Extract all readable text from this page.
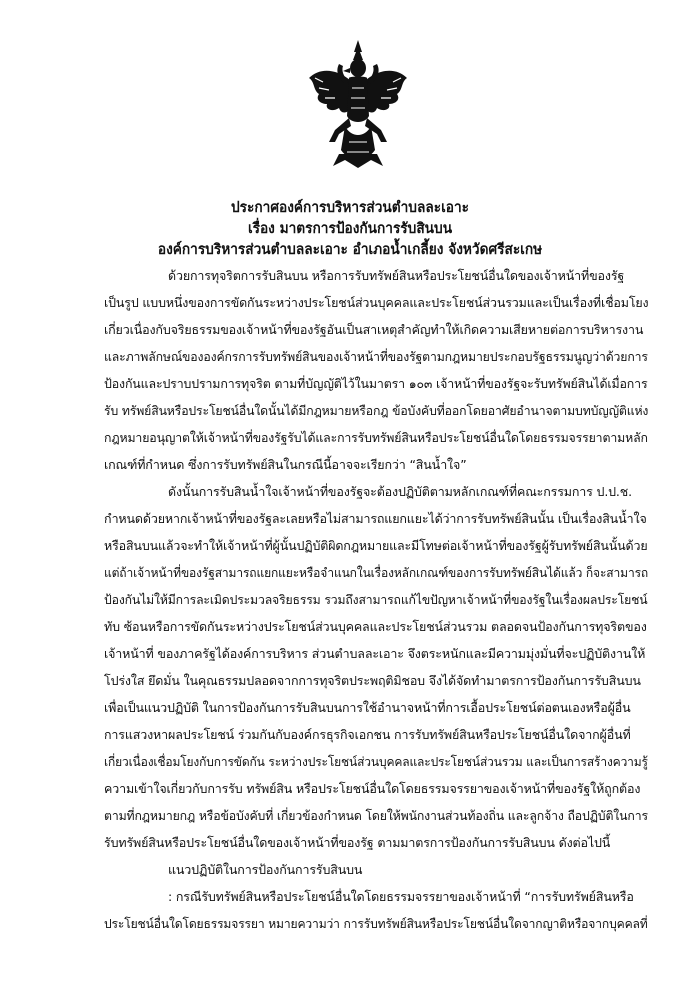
ประกาศองค์การบริหารส่วนตำบลละเอาะ
เรื่อง มาตรการป้องกันการรับสินบน
องค์การบริหารส่วนตำบลละเอาะ อำเภอน้ำเกลี้ยง จังหวัดศรีสะเกษ
ด้วยการทุจริตการรับสินบน หรือการรับทรัพย์สินหรือประโยชน์อื่นใดของเจ้าหน้าที่ของรัฐ
เป็นรูป แบบหนึ่งของการขัดกันระหว่างประโยชน์ส่วนบุคคลและประโยชน์ส่วนรวมและเป็นเรื่องที่เชื่อมโยง
เกี่ยวเนื่องกับจริยธรรมของเจ้าหน้าที่ของรัฐอันเป็นสาเหตุสำคัญทำให้เกิดความเสียหายต่อการบริหารงาน
และภาพลักษณ์ขององค์กรการรับทรัพย์สินของเจ้าหน้าที่ของรัฐตามกฎหมายประกอบรัฐธรรมนูญว่าด้วยการ
ป้องกันและปราบปรามการทุจริต ตามที่บัญญัติไว้ในมาตรา ๑๐๓ เจ้าหน้าที่ของรัฐจะรับทรัพย์สินได้เมื่อการ
รับ ทรัพย์สินหรือประโยชน์อื่นใดนั้นได้มีกฎหมายหรือกฎ ข้อบังคับที่ออกโดยอาศัยอำนาจตามบทบัญญัติแห่ง
กฎหมายอนุญาตให้เจ้าหน้าที่ของรัฐรับได้และการรับทรัพย์สินหรือประโยชน์อื่นใดโดยธรรมจรรยาตามหลัก
เกณฑ์ที่กำหนด ซึ่งการรับทรัพย์สินในกรณีนี้อาจจะเรียกว่า “สินน้ำใจ”
ดังนั้นการรับสินน้ำใจเจ้าหน้าที่ของรัฐจะต้องปฏิบัติตามหลักเกณฑ์ที่คณะกรรมการ ป.ป.ช.
กำหนดด้วยหากเจ้าหน้าที่ของรัฐละเลยหรือไม่สามารถแยกแยะได้ว่าการรับทรัพย์สินนั้น เป็นเรื่องสินน้ำใจ
หรือสินบนแล้วจะทำให้เจ้าหน้าที่ผู้นั้นปฏิบัติผิดกฎหมายและมีโทษต่อเจ้าหน้าที่ของรัฐผู้รับทรัพย์สินนั้นด้วย
แต่ถ้าเจ้าหน้าที่ของรัฐสามารถแยกแยะหรือจำแนกในเรื่องหลักเกณฑ์ของการรับทรัพย์สินได้แล้ว ก็จะสามารถ
ป้องกันไม่ให้มีการละเมิดประมวลจริยธรรม รวมถึงสามารถแก้ไขปัญหาเจ้าหน้าที่ของรัฐในเรื่องผลประโยชน์
ทับ ซ้อนหรือการขัดกันระหว่างประโยชน์ส่วนบุคคลและประโยชน์ส่วนรวม ตลอดจนป้องกันการทุจริตของ
เจ้าหน้าที่ ของภาครัฐได้องค์การบริหาร ส่วนตำบลละเอาะ จึงตระหนักและมีความมุ่งมั่นที่จะปฏิบัติงานให้
โปร่งใส ยึดมั่น ในคุณธรรมปลอดจากการทุจริตประพฤติมิชอบ จึงได้จัดทำมาตรการป้องกันการรับสินบน
เพื่อเป็นแนวปฏิบัติ ในการป้องกันการรับสินบนการใช้อำนาจหน้าที่การเอื้อประโยชน์ต่อตนเองหรือผู้อื่น
การแสวงหาผลประโยชน์ ร่วมกันกับองค์กรธุรกิจเอกชน การรับทรัพย์สินหรือประโยชน์อื่นใดจากผู้อื่นที่
เกี่ยวเนื่องเชื่อมโยงกับการขัดกัน ระหว่างประโยชน์ส่วนบุคคลและประโยชน์ส่วนรวม และเป็นการสร้างความรู้
ความเข้าใจเกี่ยวกับการรับ ทรัพย์สิน หรือประโยชน์อื่นใดโดยธรรมจรรยาของเจ้าหน้าที่ของรัฐให้ถูกต้อง
ตามที่กฎหมายกฎ หรือข้อบังคับที่ เกี่ยวข้องกำหนด โดยให้พนักงานส่วนท้องถิ่น และลูกจ้าง ถือปฏิบัติในการ
รับทรัพย์สินหรือประโยชน์อื่นใดของเจ้าหน้าที่ของรัฐ ตามมาตรการป้องกันการรับสินบน ดังต่อไปนี้
แนวปฏิบัติในการป้องกันการรับสินบน
: กรณีรับทรัพย์สินหรือประโยชน์อื่นใดโดยธรรมจรรยาของเจ้าหน้าที่ “การรับทรัพย์สินหรือ
ประโยชน์อื่นใดโดยธรรมจรรยา หมายความว่า การรับทรัพย์สินหรือประโยชน์อื่นใดจากญาติหรือจากบุคคลที่
